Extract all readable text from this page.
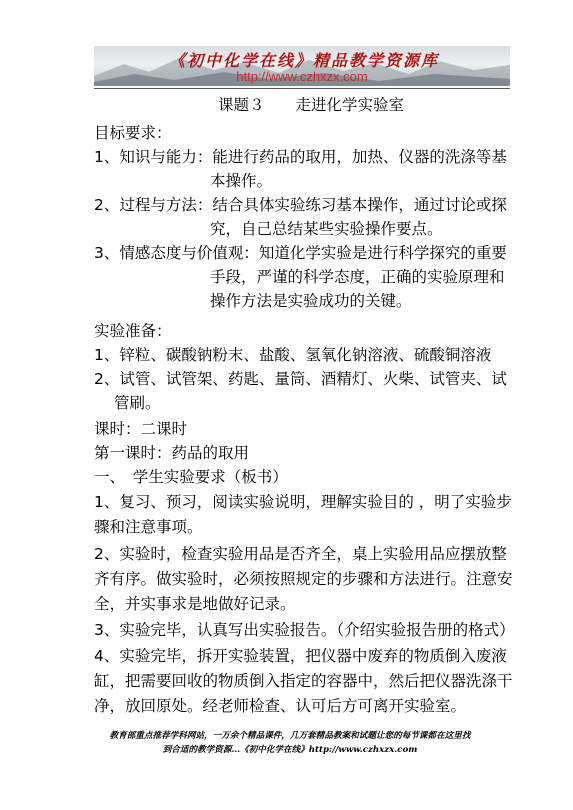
《初中化学在线》精品教学资源库
http://www.czhxzx.com
课题３　　走进化学实验室
目标要求：
1、知识与能力：能进行药品的取用，加热、仪器的洗涤等基
本操作。
2、过程与方法：结合具体实验练习基本操作，通过讨论或探
究，自己总结某些实验操作要点。
3、情感态度与价值观：知道化学实验是进行科学探究的重要
手段，严谨的科学态度，正确的实验原理和
操作方法是实验成功的关键。
实验准备：
1、锌粒、碳酸钠粉末、盐酸、氢氧化钠溶液、硫酸铜溶液
2、试管、试管架、药匙、量筒、酒精灯、火柴、试管夹、试
管刷。
课时：二课时
第一课时：药品的取用
一、　学生实验要求（板书）
1、复习、预习，阅读实验说明，理解实验目的 ，明了实验步
骤和注意事项。
2、实验时，检查实验用品是否齐全，桌上实验用品应摆放整
齐有序。做实验时，必须按照规定的步骤和方法进行。注意安
全，并实事求是地做好记录。
3、实验完毕，认真写出实验报告。（介绍实验报告册的格式）
4、实验完毕，拆开实验装置，把仪器中废弃的物质倒入废液
缸，把需要回收的物质倒入指定的容器中，然后把仪器洗涤干
净，放回原处。经老师检查、认可后方可离开实验室。
教育部重点推荐学科网站，一万余个精品课件，几万套精品教案和试题让您的每节课都在这里找
到合适的教学资源…《初中化学在线》http://www.czhxzx.com
